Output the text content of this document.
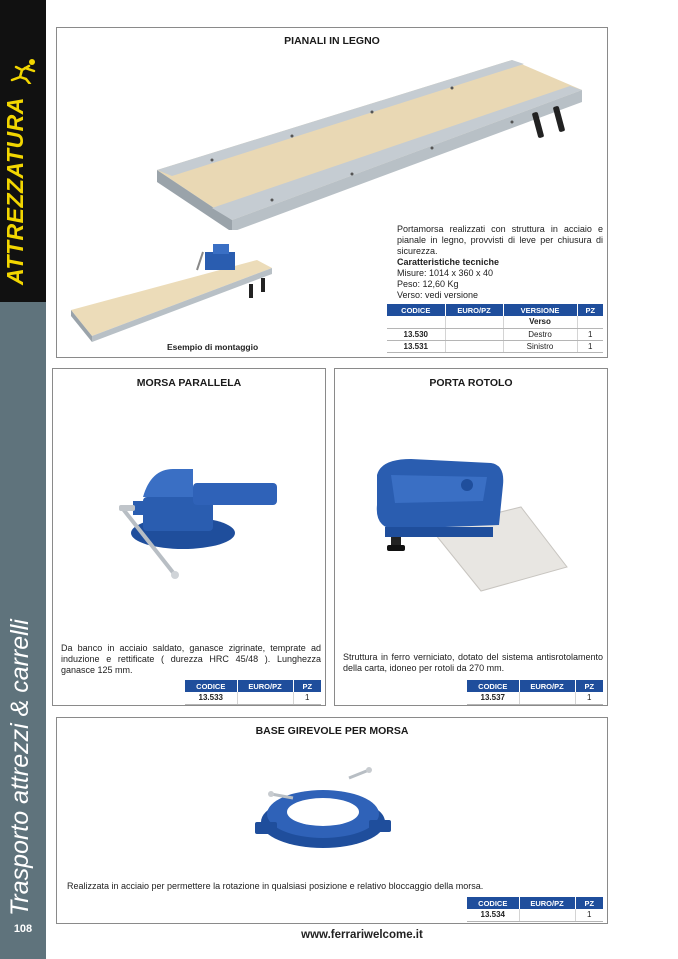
ATTREZZATURA
Trasporto attrezzi & carrelli
108
PIANALI IN LEGNO
Esempio di montaggio
Portamorsa realizzati con struttura in acciaio e pianale in legno, provvisti di leve per chiusura di sicurezza.
Caratteristiche tecniche
Misure: 1014 x 360 x 40
Peso: 12,60 Kg
Verso: vedi versione
CODICE	EURO/PZ	VERSIONE	PZ
		Verso	
13.530		Destro	1
13.531		Sinistro	1
MORSA PARALLELA
Da banco in acciaio saldato, ganasce zigrinate, temprate ad induzione e rettificate ( durezza HRC 45/48 ). Lunghezza ganasce 125 mm.
CODICE	EURO/PZ	PZ
13.533		1
PORTA ROTOLO
Struttura in ferro verniciato, dotato del sistema antisrotolamento della carta, idoneo per rotoli da 270 mm.
CODICE	EURO/PZ	PZ
13.537		1
BASE GIREVOLE PER MORSA
Realizzata in acciaio per permettere la rotazione in qualsiasi posizione e relativo bloccaggio della morsa.
CODICE	EURO/PZ	PZ
13.534		1
www.ferrariwelcome.it
